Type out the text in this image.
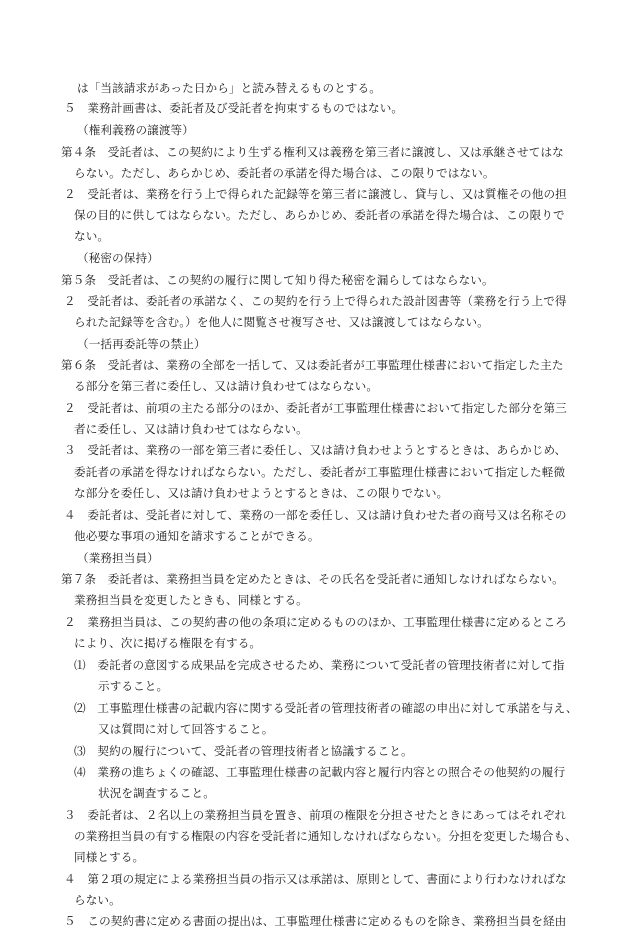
は「当該請求があった日から」と読み替えるものとする。
５　業務計画書は、委託者及び受託者を拘束するものではない。
（権利義務の譲渡等）
第４条　受託者は、この契約により生ずる権利又は義務を第三者に譲渡し、又は承継させてはな
らない。ただし、あらかじめ、委託者の承諾を得た場合は、この限りではない。
２　受託者は、業務を行う上で得られた記録等を第三者に譲渡し、貸与し、又は質権その他の担
保の目的に供してはならない。ただし、あらかじめ、委託者の承諾を得た場合は、この限りで
ない。
（秘密の保持）
第５条　受託者は、この契約の履行に関して知り得た秘密を漏らしてはならない。
２　受託者は、委託者の承諾なく、この契約を行う上で得られた設計図書等（業務を行う上で得
られた記録等を含む。）を他人に閲覧させ複写させ、又は譲渡してはならない。
（一括再委託等の禁止）
第６条　受託者は、業務の全部を一括して、又は委託者が工事監理仕様書において指定した主た
る部分を第三者に委任し、又は請け負わせてはならない。
２　受託者は、前項の主たる部分のほか、委託者が工事監理仕様書において指定した部分を第三
者に委任し、又は請け負わせてはならない。
３　受託者は、業務の一部を第三者に委任し、又は請け負わせようとするときは、あらかじめ、
委託者の承諾を得なければならない。ただし、委託者が工事監理仕様書において指定した軽微
な部分を委任し、又は請け負わせようとするときは、この限りでない。
４　委託者は、受託者に対して、業務の一部を委任し、又は請け負わせた者の商号又は名称その
他必要な事項の通知を請求することができる。
（業務担当員）
第７条　委託者は、業務担当員を定めたときは、その氏名を受託者に通知しなければならない。
業務担当員を変更したときも、同様とする。
２　業務担当員は、この契約書の他の条項に定めるもののほか、工事監理仕様書に定めるところ
により、次に掲げる権限を有する。
⑴　委託者の意図する成果品を完成させるため、業務について受託者の管理技術者に対して指
示すること。
⑵　工事監理仕様書の記載内容に関する受託者の管理技術者の確認の申出に対して承諾を与え、
又は質問に対して回答すること。
⑶　契約の履行について、受託者の管理技術者と協議すること。
⑷　業務の進ちょくの確認、工事監理仕様書の記載内容と履行内容との照合その他契約の履行
状況を調査すること。
３　委託者は、２名以上の業務担当員を置き、前項の権限を分担させたときにあってはそれぞれ
の業務担当員の有する権限の内容を受託者に通知しなければならない。分担を変更した場合も、
同様とする。
４　第２項の規定による業務担当員の指示又は承諾は、原則として、書面により行わなければな
らない。
５　この契約書に定める書面の提出は、工事監理仕様書に定めるものを除き、業務担当員を経由
